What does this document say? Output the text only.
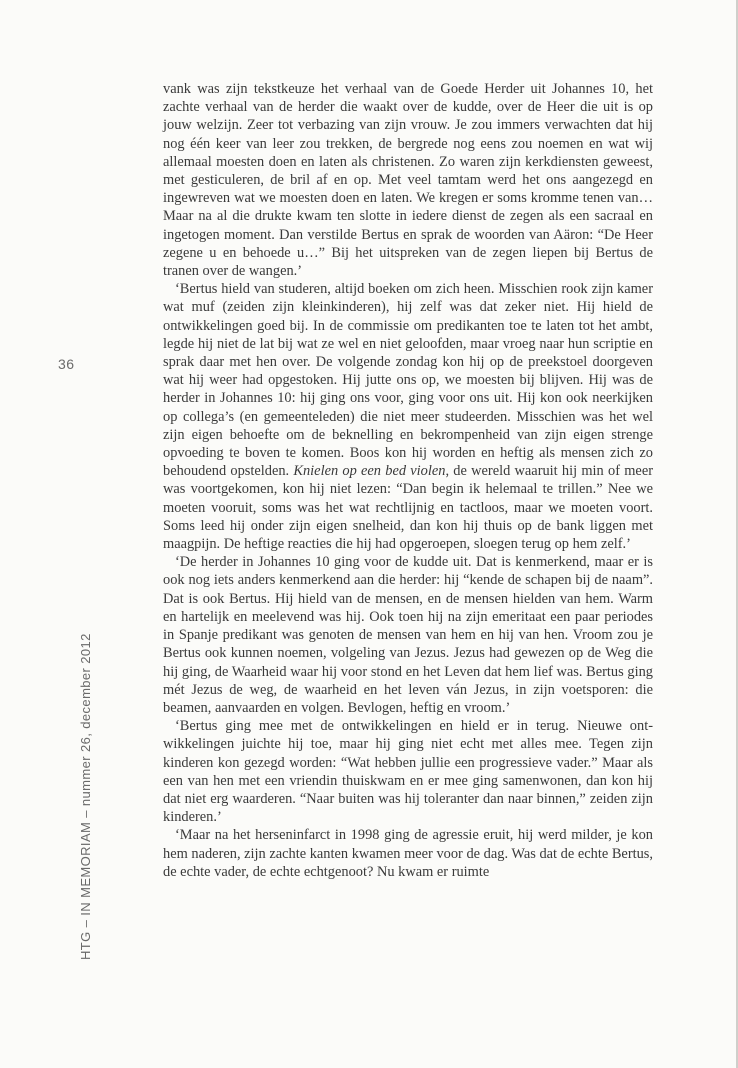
36
HTG – IN MEMORIAM – nummer 26, december 2012

vank was zijn tekstkeuze het verhaal van de Goede Herder uit Johannes 10, het zachte verhaal van de herder die waakt over de kudde, over de Heer die uit is op jouw welzijn. Zeer tot verbazing van zijn vrouw. Je zou immers verwachten dat hij nog één keer van leer zou trekken, de bergrede nog eens zou noemen en wat wij allemaal moesten doen en laten als christenen. Zo waren zijn kerkdiensten geweest, met gesticuleren, de bril af en op. Met veel tamtam werd het ons aangezegd en ingewreven wat we moesten doen en laten. We kregen er soms kromme tenen van… Maar na al die drukte kwam ten slotte in iedere dienst de zegen als een sacraal en ingetogen moment. Dan verstilde Bertus en sprak de woorden van Aäron: “De Heer zegene u en behoede u…” Bij het uitspreken van de zegen liepen bij Bertus de tranen over de wangen.’

‘Bertus hield van studeren, altijd boeken om zich heen. Misschien rook zijn kamer wat muf (zeiden zijn kleinkinderen), hij zelf was dat zeker niet. Hij hield de ontwikkelingen goed bij. In de commissie om predikanten toe te laten tot het ambt, legde hij niet de lat bij wat ze wel en niet geloofden, maar vroeg naar hun scriptie en sprak daar met hen over. De volgende zondag kon hij op de preekstoel doorgeven wat hij weer had opgestoken. Hij jutte ons op, we moesten bij blijven. Hij was de herder in Johannes 10: hij ging ons voor, ging voor ons uit. Hij kon ook neerkijken op collega’s (en gemeenteleden) die niet meer studeerden. Misschien was het wel zijn eigen behoefte om de beknelling en bekrompenheid van zijn eigen strenge opvoeding te boven te komen. Boos kon hij worden en heftig als mensen zich zo behoudend opstelden. Knielen op een bed violen, de wereld waaruit hij min of meer was voortgekomen, kon hij niet lezen: “Dan begin ik helemaal te trillen.” Nee we moeten vooruit, soms was het wat rechtlijnig en tactloos, maar we moeten voort. Soms leed hij onder zijn eigen snelheid, dan kon hij thuis op de bank liggen met maagpijn. De heftige reacties die hij had opgeroepen, sloegen terug op hem zelf.’

‘De herder in Johannes 10 ging voor de kudde uit. Dat is kenmerkend, maar er is ook nog iets anders kenmerkend aan die herder: hij “kende de schapen bij de naam”. Dat is ook Bertus. Hij hield van de mensen, en de mensen hielden van hem. Warm en hartelijk en meelevend was hij. Ook toen hij na zijn emeritaat een paar periodes in Spanje predikant was genoten de mensen van hem en hij van hen. Vroom zou je Bertus ook kunnen noemen, volgeling van Jezus. Jezus had gewezen op de Weg die hij ging, de Waarheid waar hij voor stond en het Leven dat hem lief was. Bertus ging mét Jezus de weg, de waarheid en het leven ván Jezus, in zijn voetsporen: die beamen, aanvaarden en volgen. Bevlogen, heftig en vroom.’

‘Bertus ging mee met de ontwikkelingen en hield er in terug. Nieuwe ontwikkelingen juichte hij toe, maar hij ging niet echt met alles mee. Tegen zijn kinderen kon gezegd worden: “Wat hebben jullie een progressieve vader.” Maar als een van hen met een vriendin thuiskwam en er mee ging samenwonen, dan kon hij dat niet erg waarderen. “Naar buiten was hij toleranter dan naar binnen,” zeiden zijn kinderen.’

‘Maar na het herseninfarct in 1998 ging de agressie eruit, hij werd milder, je kon hem naderen, zijn zachte kanten kwamen meer voor de dag. Was dat de echte Bertus, de echte vader, de echte echtgenoot? Nu kwam er ruimte
